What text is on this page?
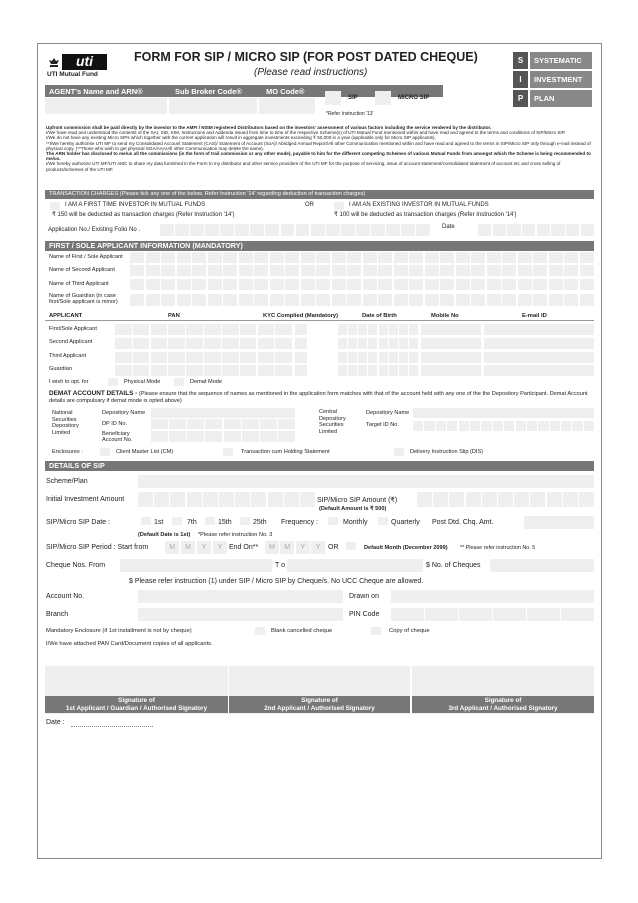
uti
UTI Mutual Fund
FORM FOR SIP / MICRO SIP (FOR POST DATED CHEQUE)
(Please read instructions)
S	SYSTEMATIC
I	INVESTMENT
P	PLAN
AGENT's Name and ARN®	Sub Broker Code®	MO Code®
SIP	MICRO SIP
*Refer Instruction '13'
Upfront commission shall be paid directly by the investor to the AMFI / NISM registered Distributors based on the investors' assessment of various factors including the service rendered by the distributor.
I/We have read and understood the contents of the SAI, SID, KIM, Instructions and Addenda issued from time to time of the respective Scheme(s) of UTI Mutual Fund mentioned within and have read and agreed to the terms and conditions of SIP/Micro SIP.
I/We do not have any existing Micro SIPs which together with the current application will result in aggregate investments exceeding ₹ 50,000 in a year (applicable only for Micro SIP applicants).
**I/We hereby authorise UTI MF to send my Consolidated Account Statement (CAS)/ Statement of Account (SoA)/ Abridged Annual Report/All other Communication mentioned within and have read and agreed to the terms in SIP/Micro SIP only through e-mail instead of physical copy. (**Those who wish to get physical SOA/AAA/All other Communication may delete the same).
The ARN holder has disclosed to me/us all the commissions (in the form of trail commission or any other mode), payable to him for the different competing Schemes of various Mutual Funds from amongst which the Scheme is being recommended to me/us.
I/We hereby authorize UTI MF/UTI AMC to share my data furnished in the Form to my distributor and other service providers of the UTI MF for the purpose of servicing, issue of account statement/consolidated statement of account etc and cross selling of products/schemes of the UTI MF.
TRANSACTION CHARGES (Please tick any one of the below. Refer Instruction '14' regarding deduction of transaction charges)
I AM A FIRST TIME INVESTOR IN MUTUAL FUNDS
₹ 150 will be deducted as transaction charges (Refer Instruction '14')
OR	I AM AN EXISTING INVESTOR IN MUTUAL FUNDS
₹ 100 will be deducted as transaction charges (Refer Instruction '14')
Application No./ Existing Folio No .	Date
FIRST / SOLE APPLICANT INFORMATION (MANDATORY)
Name of First / Sole Applicant
Name of Second Applicant
Name of Third Applicant
Name of Guardian (in case first/Sole applicant is minor)
APPLICANT	PAN	KYC Complied (Mandatory)	Date of Birth	Mobile No	E-mail ID
First/Sole Applicant
Second Applicant
Third Applicant
Guardian
I wish to opt. for	Physical Mode	Demat Mode
DEMAT ACCOUNT DETAILS - (Please ensure that the sequence of names as mentioned in the application form matches with that of the account held with any one of the the Depository Participant. Demat Account details are compulsary if demat mode is opted above)
National Securities Depository Limited
Depository Name
DP ID No.
Beneficiary Account No.
Central Depository Securities Limited
Depository Name
Target ID No.
Enclosures :	Client Master List (CM)	Transaction cum Holding Statement	Delivery Instruction Slip (DIS)
DETAILS OF SIP
Scheme/Plan
Initial Investment Amount	SIP/Micro SIP Amount (₹)
(Default Amount is ₹ 500)
SIP/Micro SIP Date :	1st	7th	15th	25th Frequency :	Monthly	Quarterly Post Dtd. Chq. Amt.
(Default Date is 1st) *Please refer instruction No. 3
SIP/Micro SIP Period : Start from	M	M	Y	Y End On**	M	M	Y	Y	OR	Default Month (December 2099) ** Please refer instruction No. 5
Cheque Nos. From	T o	$ No. of Cheques
$ Please refer instruction (1) under SIP / Micro SIP by Cheque/s. No UCC Cheque are allowed.
Account No.	Drawn on
Branch	PIN Code
Mandatory Enclosure (if 1st installment is not by cheque)	Blank cancelled cheque	Copy of cheque
I/We have attached PAN Card/Document copies of all applicants.
Signature of
1st Applicant / Guardian / Authorised Signatory
Signature of
2nd Applicant / Authorised Signatory
Signature of
3rd Applicant / Authorised Signatory
Date :
